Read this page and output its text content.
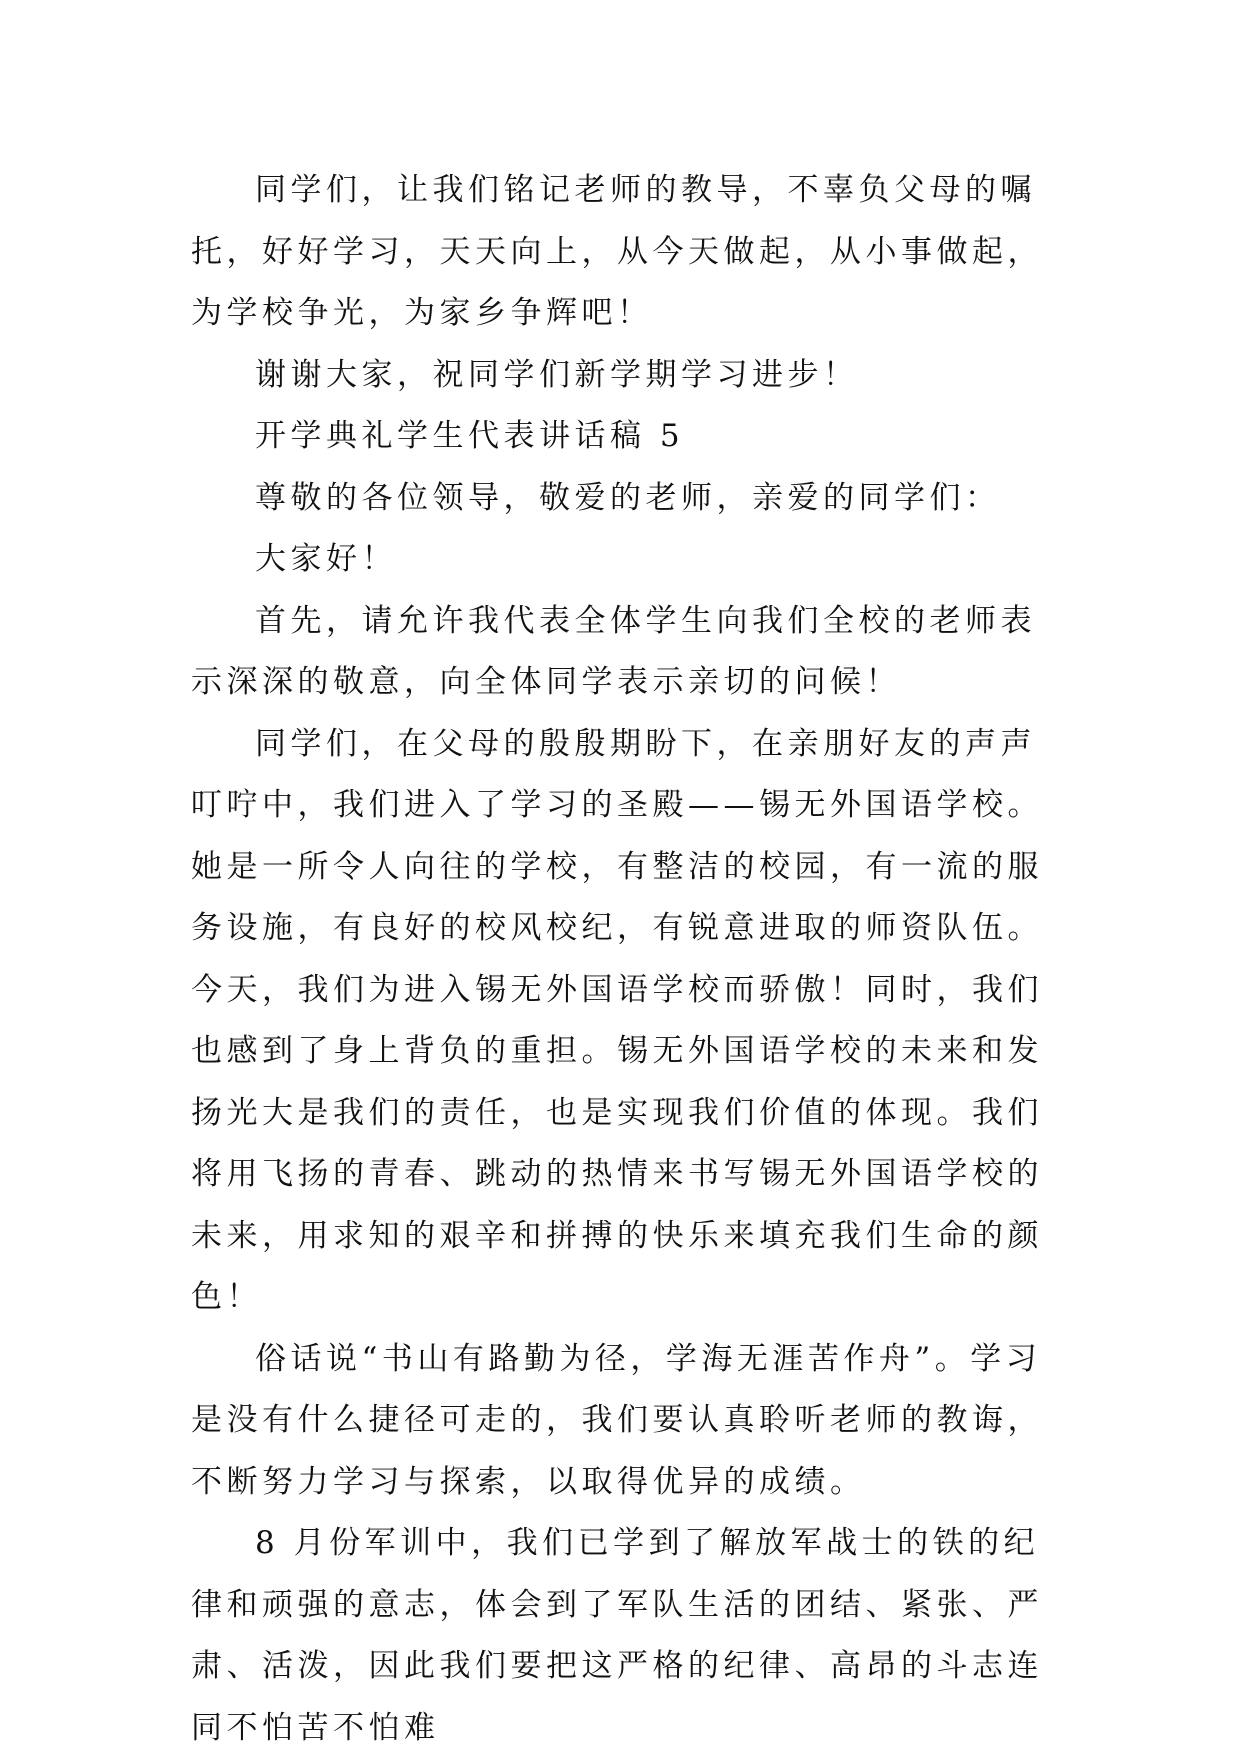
同学们，让我们铭记老师的教导，不辜负父母的嘱托，好好学习，天天向上，从今天做起，从小事做起，为学校争光，为家乡争辉吧！

谢谢大家，祝同学们新学期学习进步！

开学典礼学生代表讲话稿 5

尊敬的各位领导，敬爱的老师，亲爱的同学们：

大家好！

首先，请允许我代表全体学生向我们全校的老师表示深深的敬意，向全体同学表示亲切的问候！

同学们，在父母的殷殷期盼下，在亲朋好友的声声叮咛中，我们进入了学习的圣殿——锡无外国语学校。她是一所令人向往的学校，有整洁的校园，有一流的服务设施，有良好的校风校纪，有锐意进取的师资队伍。今天，我们为进入锡无外国语学校而骄傲！同时，我们也感到了身上背负的重担。锡无外国语学校的未来和发扬光大是我们的责任，也是实现我们价值的体现。我们将用飞扬的青春、跳动的热情来书写锡无外国语学校的未来，用求知的艰辛和拼搏的快乐来填充我们生命的颜色！

俗话说“书山有路勤为径，学海无涯苦作舟”。学习是没有什么捷径可走的，我们要认真聆听老师的教诲，不断努力学习与探索，以取得优异的成绩。

8 月份军训中，我们已学到了解放军战士的铁的纪律和顽强的意志，体会到了军队生活的团结、紧张、严肃、活泼，因此我们要把这严格的纪律、高昂的斗志连同不怕苦不怕难
